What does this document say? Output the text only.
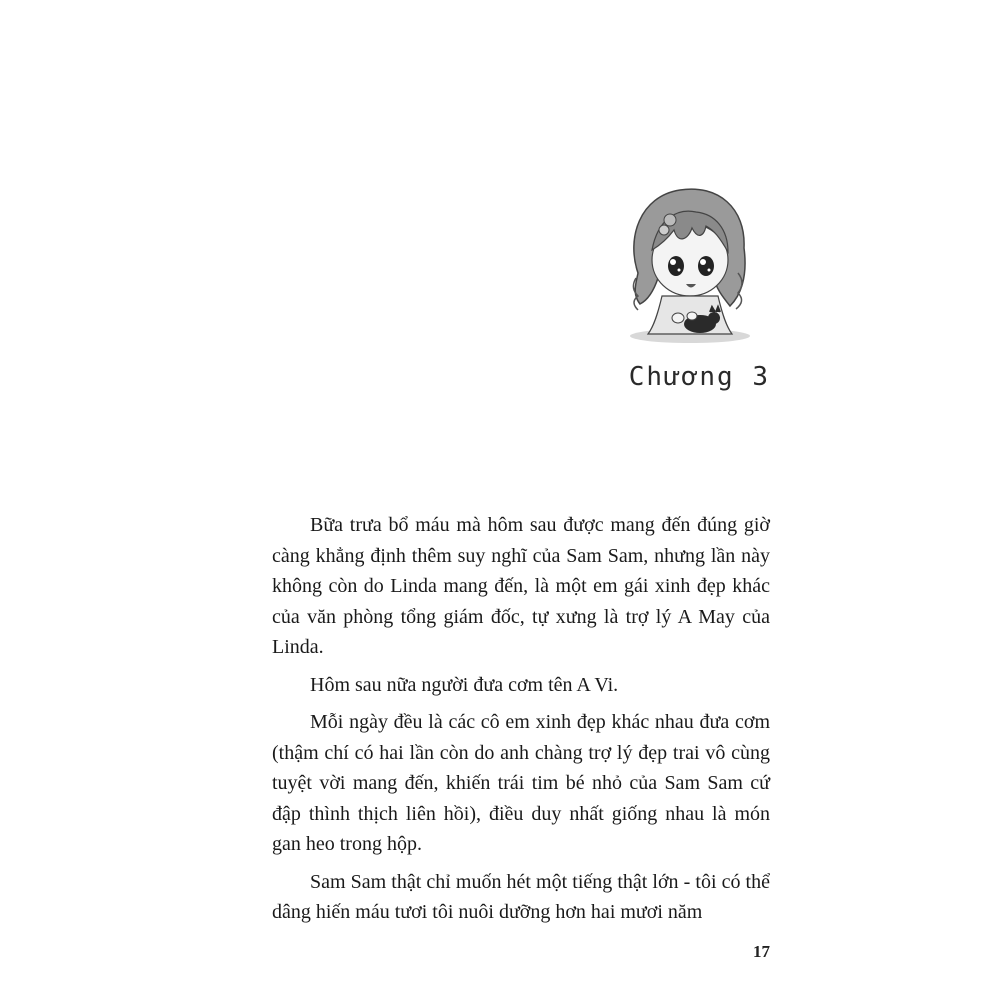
Chương 3

Bữa trưa bổ máu mà hôm sau được mang đến đúng giờ càng khẳng định thêm suy nghĩ của Sam Sam, nhưng lần này không còn do Linda mang đến, là một em gái xinh đẹp khác của văn phòng tổng giám đốc, tự xưng là trợ lý A May của Linda.

Hôm sau nữa người đưa cơm tên A Vi.

Mỗi ngày đều là các cô em xinh đẹp khác nhau đưa cơm (thậm chí có hai lần còn do anh chàng trợ lý đẹp trai vô cùng tuyệt vời mang đến, khiến trái tim bé nhỏ của Sam Sam cứ đập thình thịch liên hồi), điều duy nhất giống nhau là món gan heo trong hộp.

Sam Sam thật chỉ muốn hét một tiếng thật lớn - tôi có thể dâng hiến máu tươi tôi nuôi dưỡng hơn hai mươi năm

17
